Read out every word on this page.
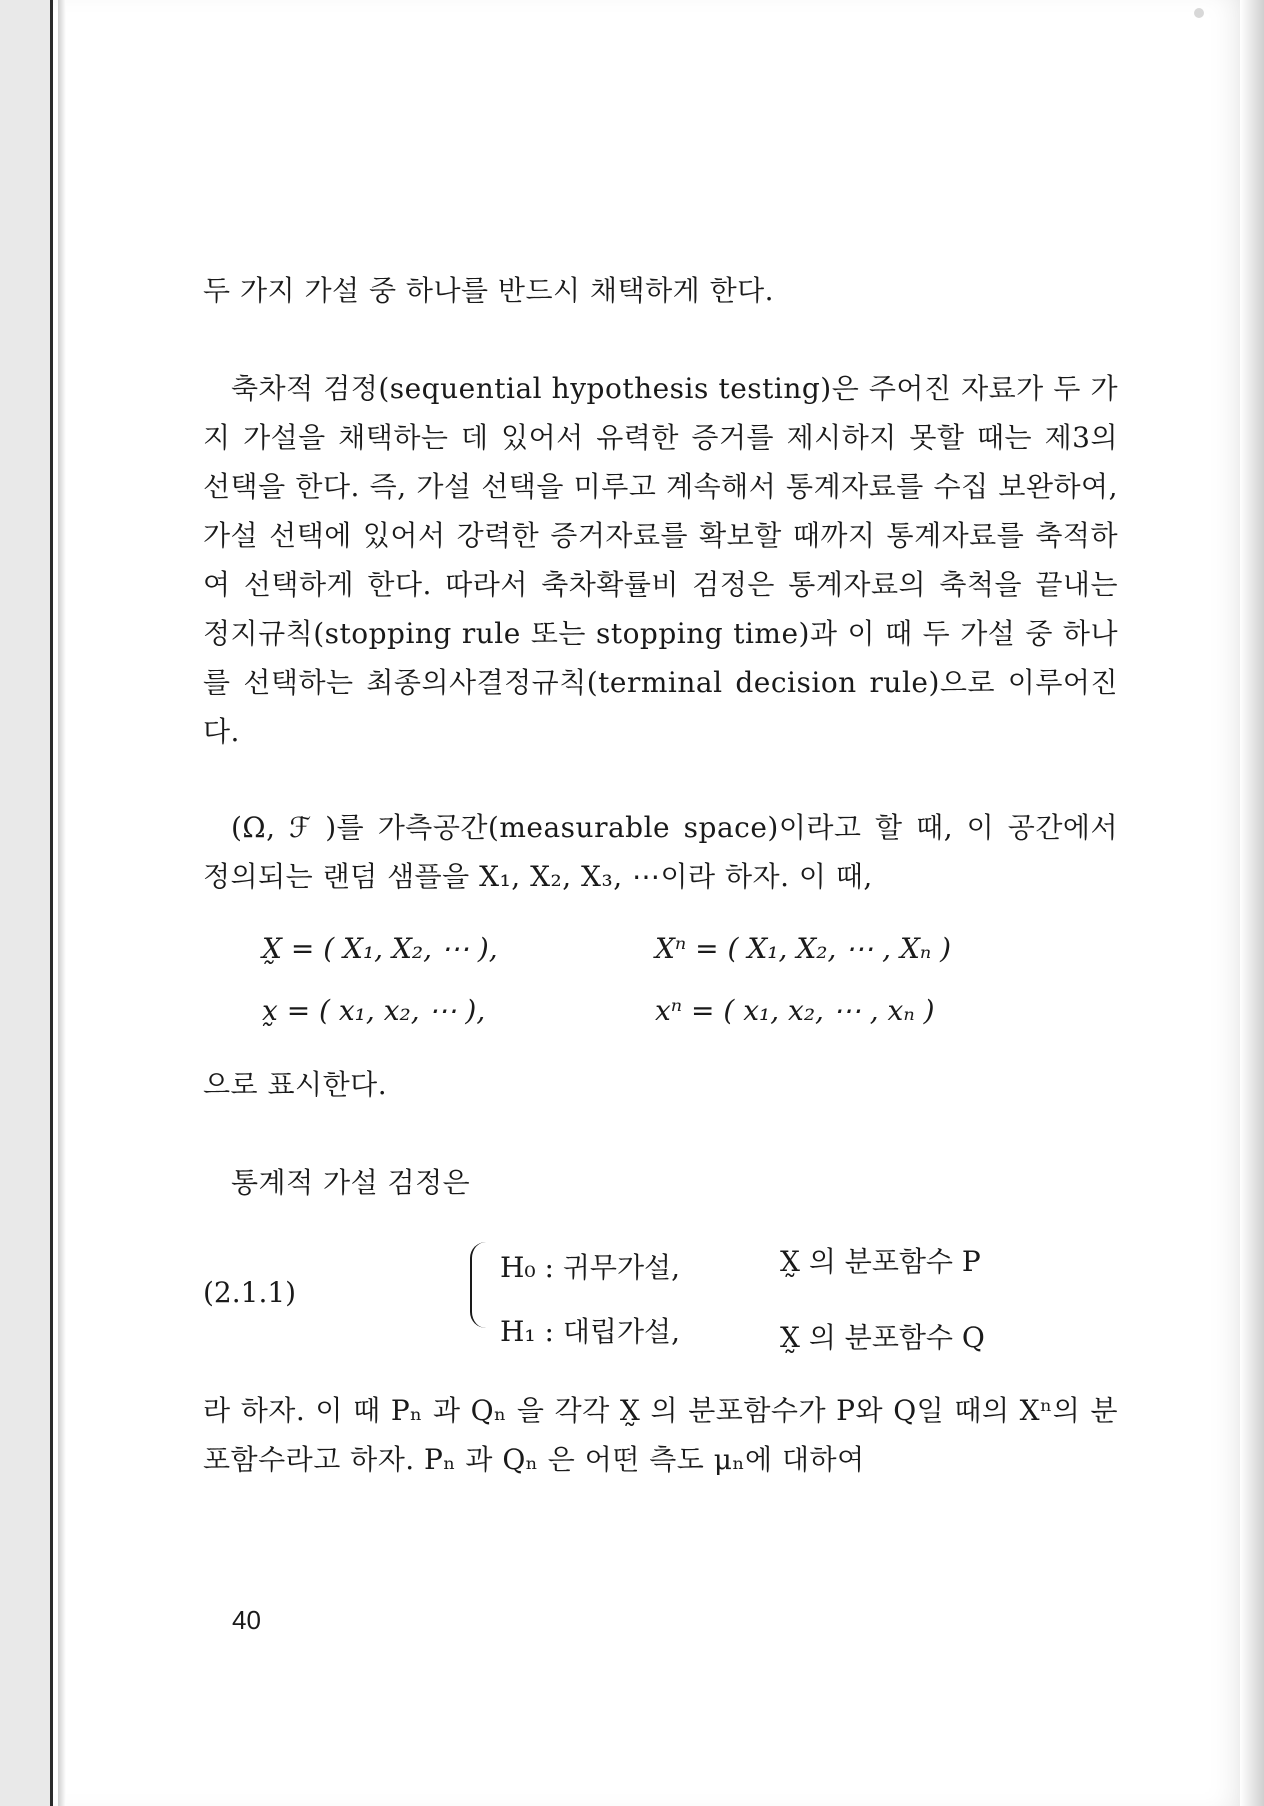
두 가지 가설 중 하나를 반드시 채택하게 한다.

축차적 검정(sequential hypothesis testing)은 주어진 자료가 두 가지 가설을 채택하는 데 있어서 유력한 증거를 제시하지 못할 때는 제3의 선택을 한다. 즉, 가설 선택을 미루고 계속해서 통계자료를 수집 보완하여, 가설 선택에 있어서 강력한 증거자료를 확보할 때까지 통계자료를 축적하여 선택하게 한다. 따라서 축차확률비 검정은 통계자료의 축척을 끝내는 정지규칙(stopping rule 또는 stopping time)과 이 때 두 가설 중 하나를 선택하는 최종의사결정규칙(terminal decision rule)으로 이루어진다.

(Ω, ℱ )를 가측공간(measurable space)이라고 할 때, 이 공간에서 정의되는 랜덤 샘플을 X₁, X₂, X₃, ⋯이라 하자. 이 때,

X̰ = ( X₁, X₂, ⋯ ),	Xⁿ = ( X₁, X₂, ⋯ , Xₙ )
x̰ = ( x₁, x₂, ⋯ ),	xⁿ = ( x₁, x₂, ⋯ , xₙ )

으로 표시한다.

통계적 가설 검정은

(2.1.1)
H₀ : 귀무가설,	X̰ 의 분포함수 P
H₁ : 대립가설,	X̰ 의 분포함수 Q

라 하자. 이 때 Pₙ 과 Qₙ 을 각각 X̰ 의 분포함수가 P와 Q일 때의 Xⁿ의 분포함수라고 하자. Pₙ 과 Qₙ 은 어떤 측도 μₙ에 대하여

40
